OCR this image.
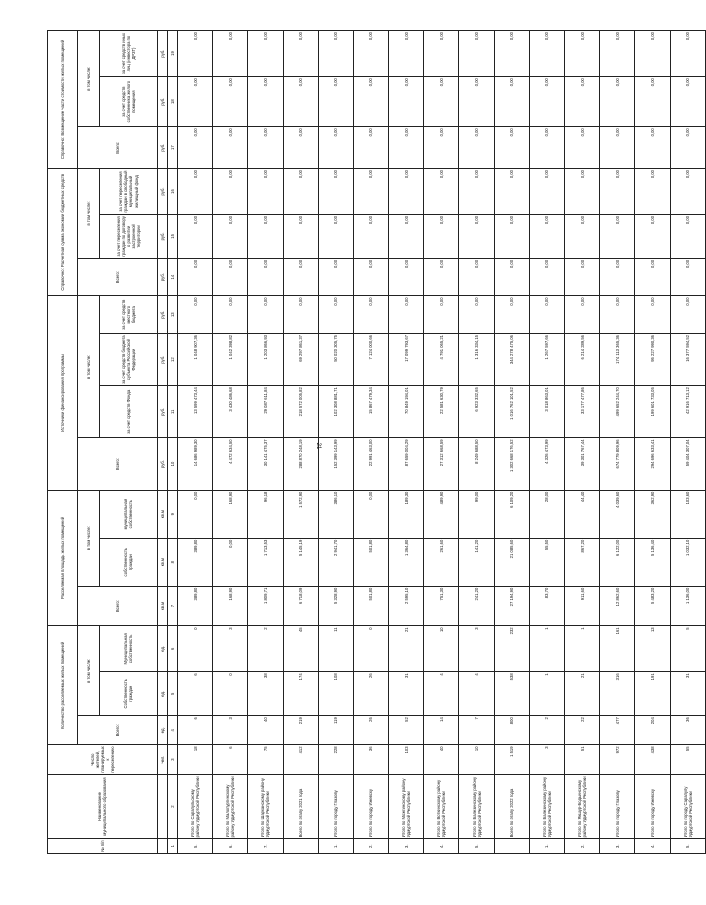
21
№ п/п	Наименование муниципального образования	Число жителей, планируемых к переселению	Количество расселяемых жилых помещений			Расселяемая площадь жилых помещений			Источники финансирования программы				Справочно: Расчетная сумма экономии бюджетных средств			Справочно: Возмещение части стоимости жилых помещений		
			Всего:	в том числе:		Всего:	в том числе:		Всего:	в том числе:			Всего:	в том числе:		Всего:	в том числе:	
				Собственность граждан	Муниципальная собственность		собственность граждан	муниципальная собственность		за счет средств Фонда	за счет средств бюджета субъекта Российской Федерации	за счет средств местного бюджета		за счет переселения граждан по договору о развитии застроенной территории	за счет переселения граждан в свободный муниципальный жилищный фонд		за счет средств собственника жилого помещения	за счет средств иных лиц (инвестора по ДРЗТ)
		чел.	ед.	ед.	ед.	кв.м	кв.м	кв.м	руб.	руб.	руб.	руб.	руб.	руб.	руб.	руб.	руб.	руб.
1	2	3	4	5	6	7	8	9	10	11	12	13	14	15	16	17	18	19
5.	Итого по Сарапульскому району Удмуртской Республики	18	6	6	0	389,80	389,80	0,00	14 686 989,30	13 599 473,44	1 048 907,36	0,00	0,00	0,00	0,00	0,00	0,00	0,00
6.	Итого по Малопургинскому району Удмуртской Республики	6	3	0	3	168,90	0,00	168,90	4 472 634,50	3 430 486,68	1 042 398,82	0,00	0,00	0,00	0,00	0,00	0,00	0,00
7.	Итого по Шарканскому району Удмуртской Республики	75	40	38	2	1 809,71	1 713,53	96,18	30 141 475,37	29 087 611,84	1 203 866,93	0,00	0,00	0,00	0,00	0,00	0,00	0,00
	Всего по этапу 2021 года	412	219	174	45	6 718,09	5 145,19	1 572,90	288 870 248,19	218 572 005,82	69 297 861,37	0,00	0,00	0,00	0,00	0,00	0,00	0,00
1.	Итого по городу Глазову	228	119	108	11	5 328,90	2 941,70	386,10	152 399 143,99	102 308 881,71	50 020 305,75	0,00	0,00	0,00	0,00	0,00	0,00	0,00
2.	Итого по городу Ижевску	36	26	26	0	501,80	501,80	0,00	22 991 463,00	15 867 479,34	7 124 000,66	0,00	0,00	0,00	0,00	0,00	0,00	0,00
3.	Итого по Можгинскому району Удмуртской Республики	103	52	31	21	2 595,10	1 364,80	189,30	87 659 004,29	70 849 194,01	17 099 793,67	0,00	0,00	0,00	0,00	0,00	0,00	0,00
4.	Итого по Воткинскому району Удмуртской Республики	40	14	4	10	751,30	261,60	489,90	27 312 668,59	22 581 630,79	4 791 065,21	0,00	0,00	0,00	0,00	0,00	0,00	0,00
5.	Итого по Балезинскому району Удмуртской Республики	10	7	4	3	241,20	141,20	99,00	8 249 688,50	6 923 332,65	1 316 334,15	0,00	0,00	0,00	0,00	0,00	0,00	0,00
	Всего по этапу 2022 года	1 519	800	538	232	27 194,90	21 085,60	6 109,20	1 302 668 176,52	1 016 762 101,52	344 278 475,06	0,00	0,00	0,00	0,00	0,00	0,00	0,00
1.	Итого по Балезинскому району Удмуртской Республики	3	2	1	1	83,70	55,50	28,00	4 326 473,99	3 018 863,01	1 267 597,66	0,00	0,00	0,00	0,00	0,00	0,00	0,00
2.	Итого по Якшур-Бодьинскому району Удмуртской Республики	51	22	21	1	911,60	867,20	44,40	39 301 767,44	33 177 477,86	6 214 289,56	0,00	0,00	0,00	0,00	0,00	0,00	0,00
3.	Итого по городу Глазову	972	477	316	161	12 862,60	6 122,00	4 039,60	674 779 809,96	499 652 244,70	174 113 365,36	0,00	0,00	0,00	0,00	0,00	0,00	0,00
4.	Итого по городу Ижевску	438	204	191	13	5 483,20	5 136,40	362,90	294 696 633,41	199 601 733,05	95 227 990,36	0,00	0,00	0,00	0,00	0,00	0,00	0,00
5.	Итого по городу Сарапулу Удмуртской Республики	55	36	31	5	1 136,00	1 032,10	103,60	59 404 307,04	42 916 713,12	16 377 594,52	0,00	0,00	0,00	0,00	0,00	0,00	0,00
